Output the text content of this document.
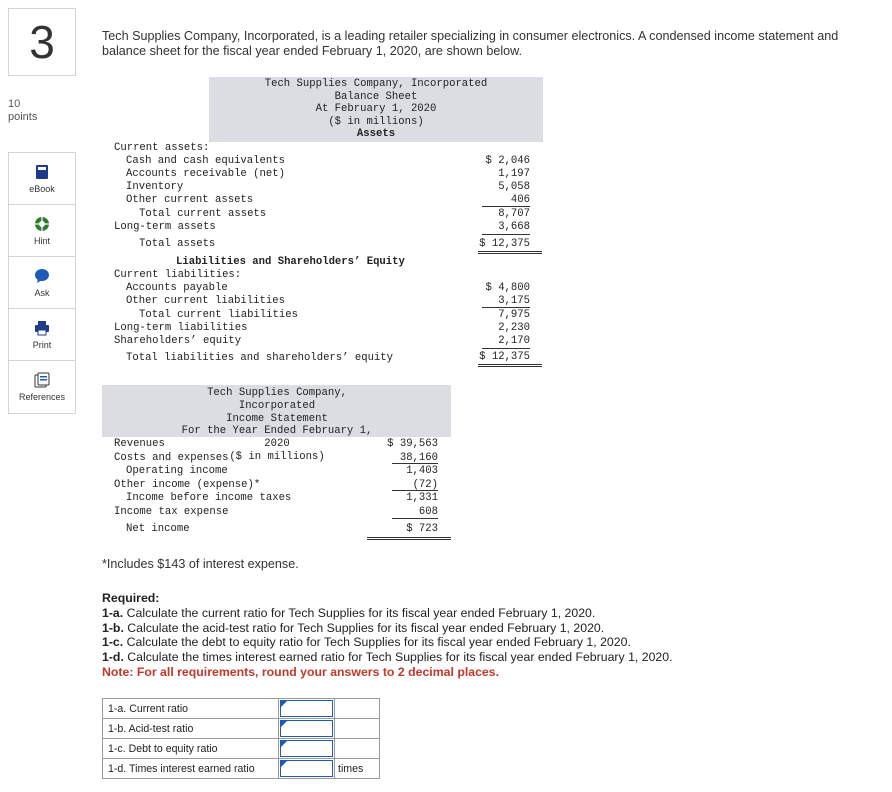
3
10
points
eBook
Hint
Ask
Print
References
Tech Supplies Company, Incorporated, is a leading retailer specializing in consumer electronics. A condensed income statement and balance sheet for the fiscal year ended February 1, 2020, are shown below.
Tech Supplies Company, Incorporated
Balance Sheet
At February 1, 2020
($ in millions)
Assets
Current assets:
Cash and cash equivalents	$ 2,046
Accounts receivable (net)	1,197
Inventory	5,058
Other current assets	406
Total current assets	8,707
Long-term assets	3,668
Total assets	$ 12,375
Liabilities and Shareholders’ Equity
Current liabilities:
Accounts payable	$ 4,800
Other current liabilities	3,175
Total current liabilities	7,975
Long-term liabilities	2,230
Shareholders’ equity	2,170
Total liabilities and shareholders’ equity	$ 12,375
Tech Supplies Company, Incorporated
Income Statement
For the Year Ended February 1, 2020
($ in millions)
Revenues	$ 39,563
Costs and expenses	38,160
Operating income	1,403
Other income (expense)*	(72)
Income before income taxes	1,331
Income tax expense	608
Net income	$ 723
*Includes $143 of interest expense.
Required:
1-a. Calculate the current ratio for Tech Supplies for its fiscal year ended February 1, 2020.
1-b. Calculate the acid-test ratio for Tech Supplies for its fiscal year ended February 1, 2020.
1-c. Calculate the debt to equity ratio for Tech Supplies for its fiscal year ended February 1, 2020.
1-d. Calculate the times interest earned ratio for Tech Supplies for its fiscal year ended February 1, 2020.
Note: For all requirements, round your answers to 2 decimal places.
1-a. Current ratio	

1-b. Acid-test ratio	

1-c. Debt to equity ratio	

1-d. Times interest earned ratio		times
